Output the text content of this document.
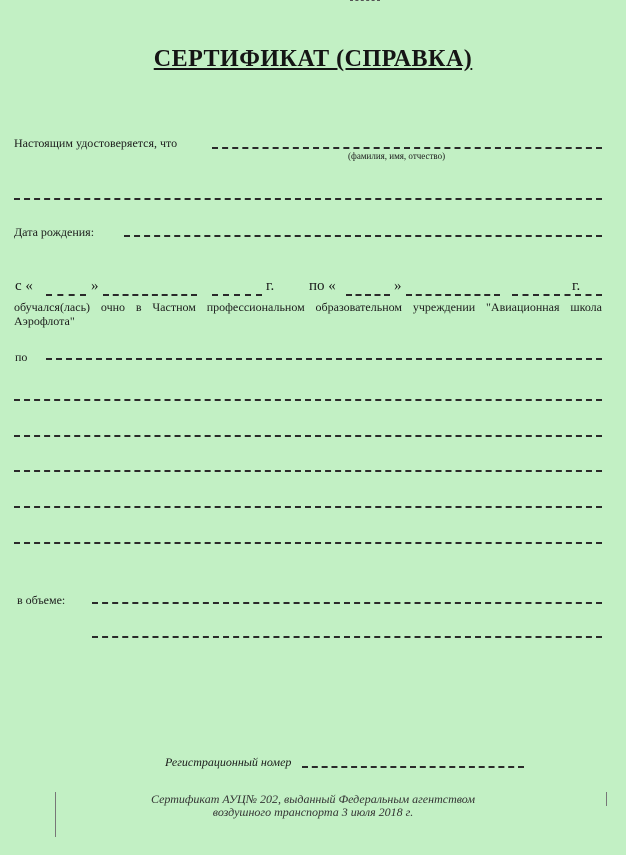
СЕРТИФИКАТ (СПРАВКА)
Настоящим удостоверяется, что
(фамилия, имя, отчество)
Дата рождения:
с «	»	г. по «	»	г.
обучался(лась) очно в Частном профессиональном образовательном учреждении "Авиационная школа Аэрофлота"
по
в объеме:
Регистрационный номер
Сертификат АУЦ№ 202, выданный Федеральным агентством
воздушного транспорта 3 июля 2018 г.
